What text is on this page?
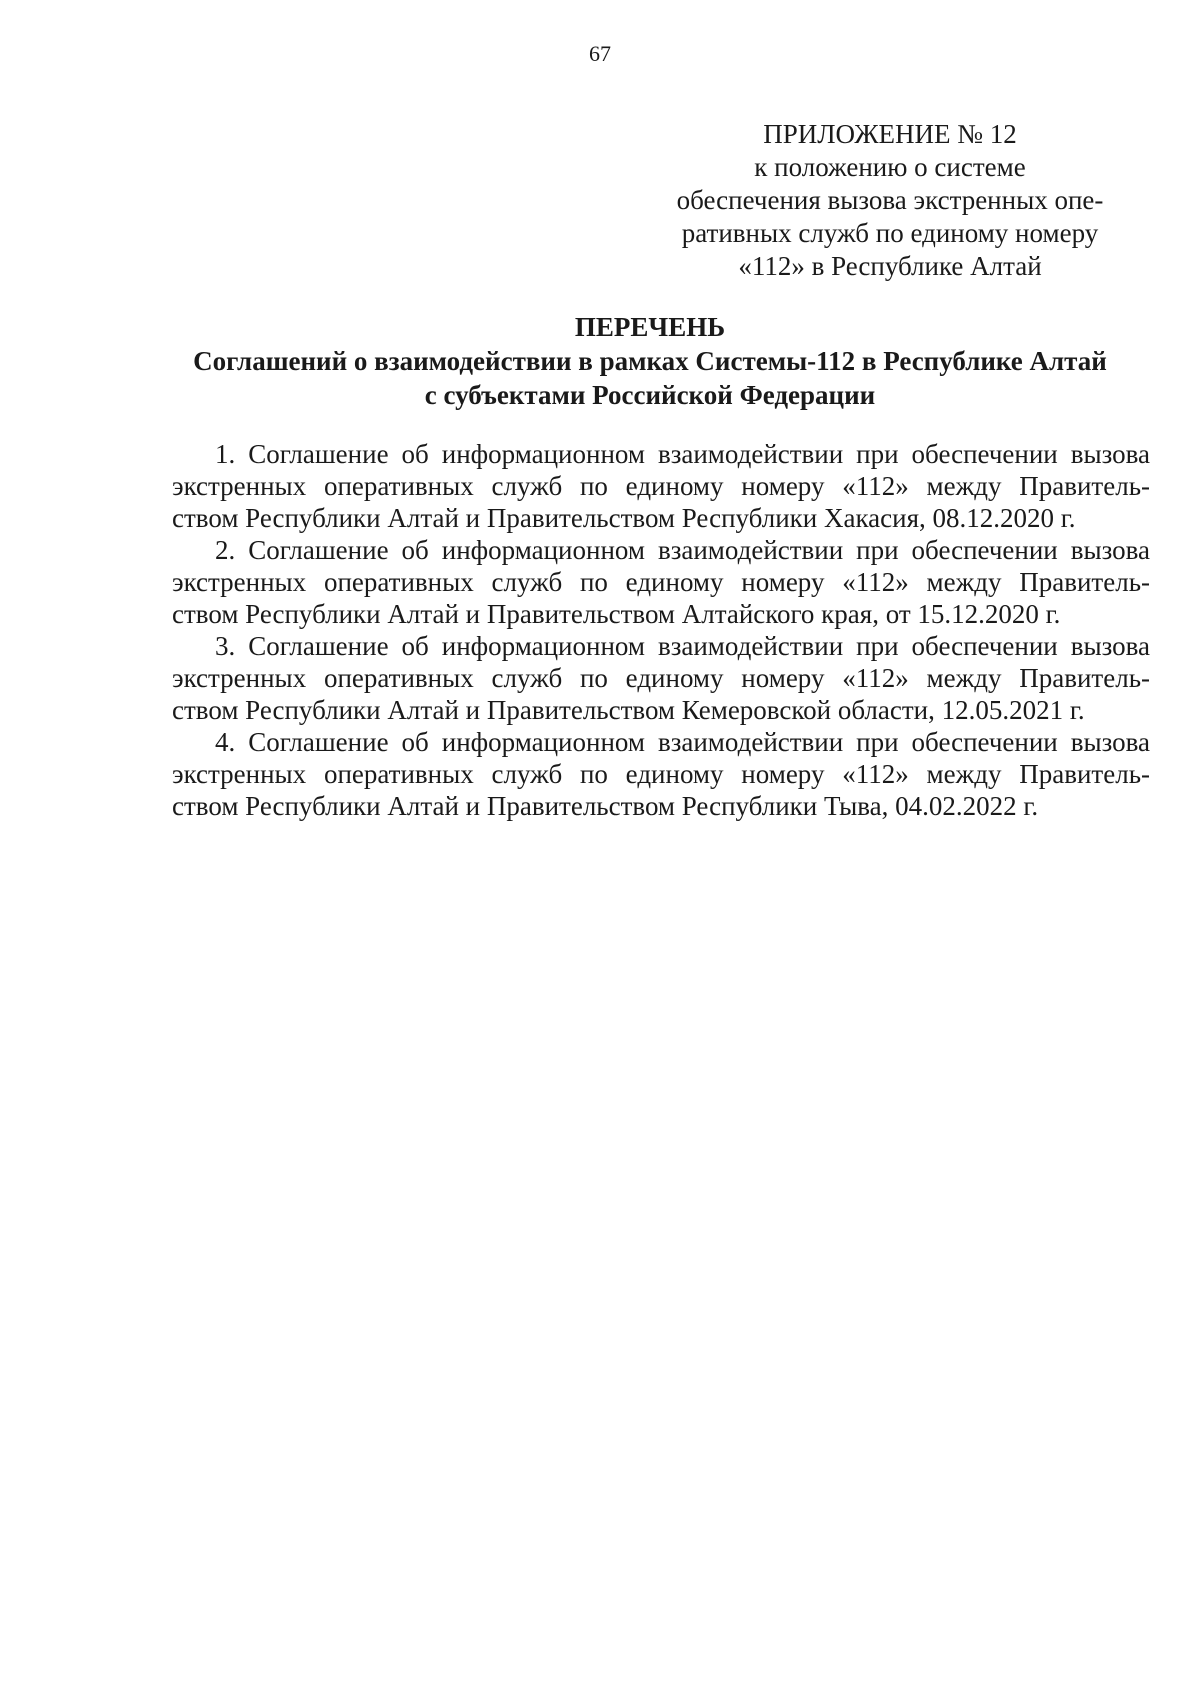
67
ПРИЛОЖЕНИЕ № 12
к положению о системе
обеспечения вызова экстренных опе-
ративных служб по единому номеру
«112» в Республике Алтай
ПЕРЕЧЕНЬ
Соглашений о взаимодействии в рамках Системы-112 в Республике Алтай
с субъектами Российской Федерации
1. Соглашение об информационном взаимодействии при обеспечении вызова
экстренных оперативных служб по единому номеру «112» между Правитель-
ством Республики Алтай и Правительством Республики Хакасия, 08.12.2020 г.
2. Соглашение об информационном взаимодействии при обеспечении вызова
экстренных оперативных служб по единому номеру «112» между Правитель-
ством Республики Алтай и Правительством Алтайского края, от 15.12.2020 г.
3. Соглашение об информационном взаимодействии при обеспечении вызова
экстренных оперативных служб по единому номеру «112» между Правитель-
ством Республики Алтай и Правительством Кемеровской области, 12.05.2021 г.
4. Соглашение об информационном взаимодействии при обеспечении вызова
экстренных оперативных служб по единому номеру «112» между Правитель-
ством Республики Алтай и Правительством Республики Тыва, 04.02.2022 г.
